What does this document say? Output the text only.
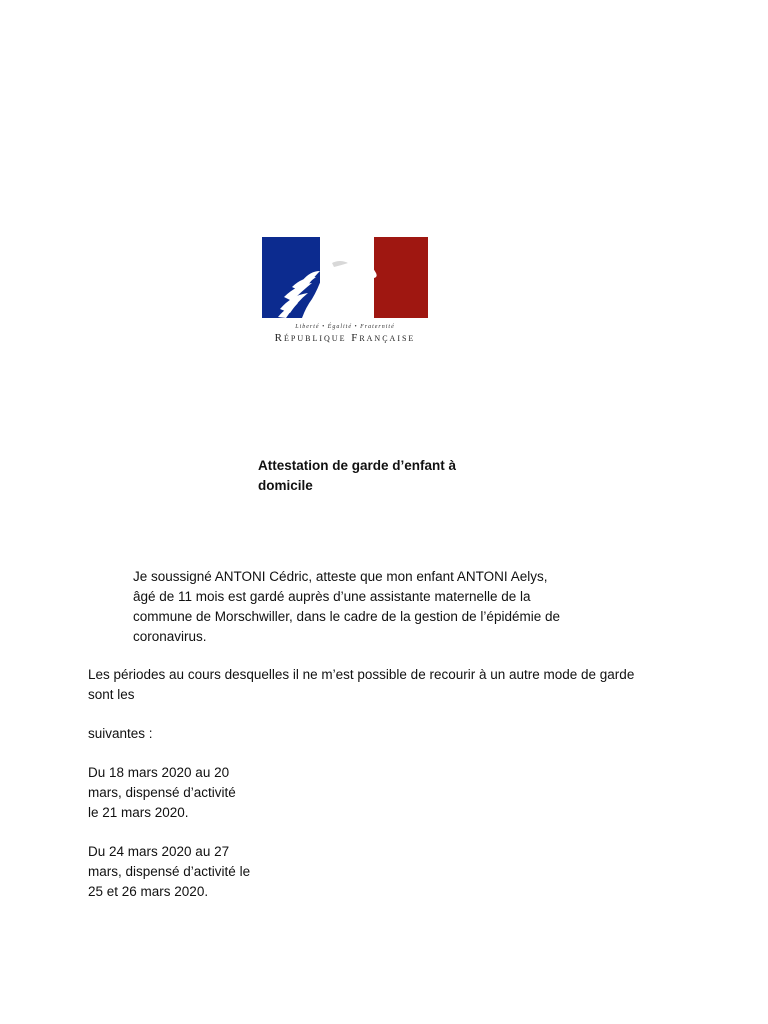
Liberté • Égalité • Fraternité
République Française
Attestation de garde d’enfant à domicile
Je soussigné ANTONI Cédric, atteste que mon enfant ANTONI Aelys,
âgé de 11 mois est gardé auprès d’une assistante maternelle de la
commune de Morschwiller, dans le cadre de la gestion de l’épidémie de
coronavirus.
Les périodes au cours desquelles il ne m’est possible de recourir à un autre mode de garde
sont les
suivantes :
Du 18 mars 2020 au 20
mars, dispensé d’activité
le 21 mars 2020.
Du 24 mars 2020 au 27
mars, dispensé d’activité le
25 et 26 mars 2020.
